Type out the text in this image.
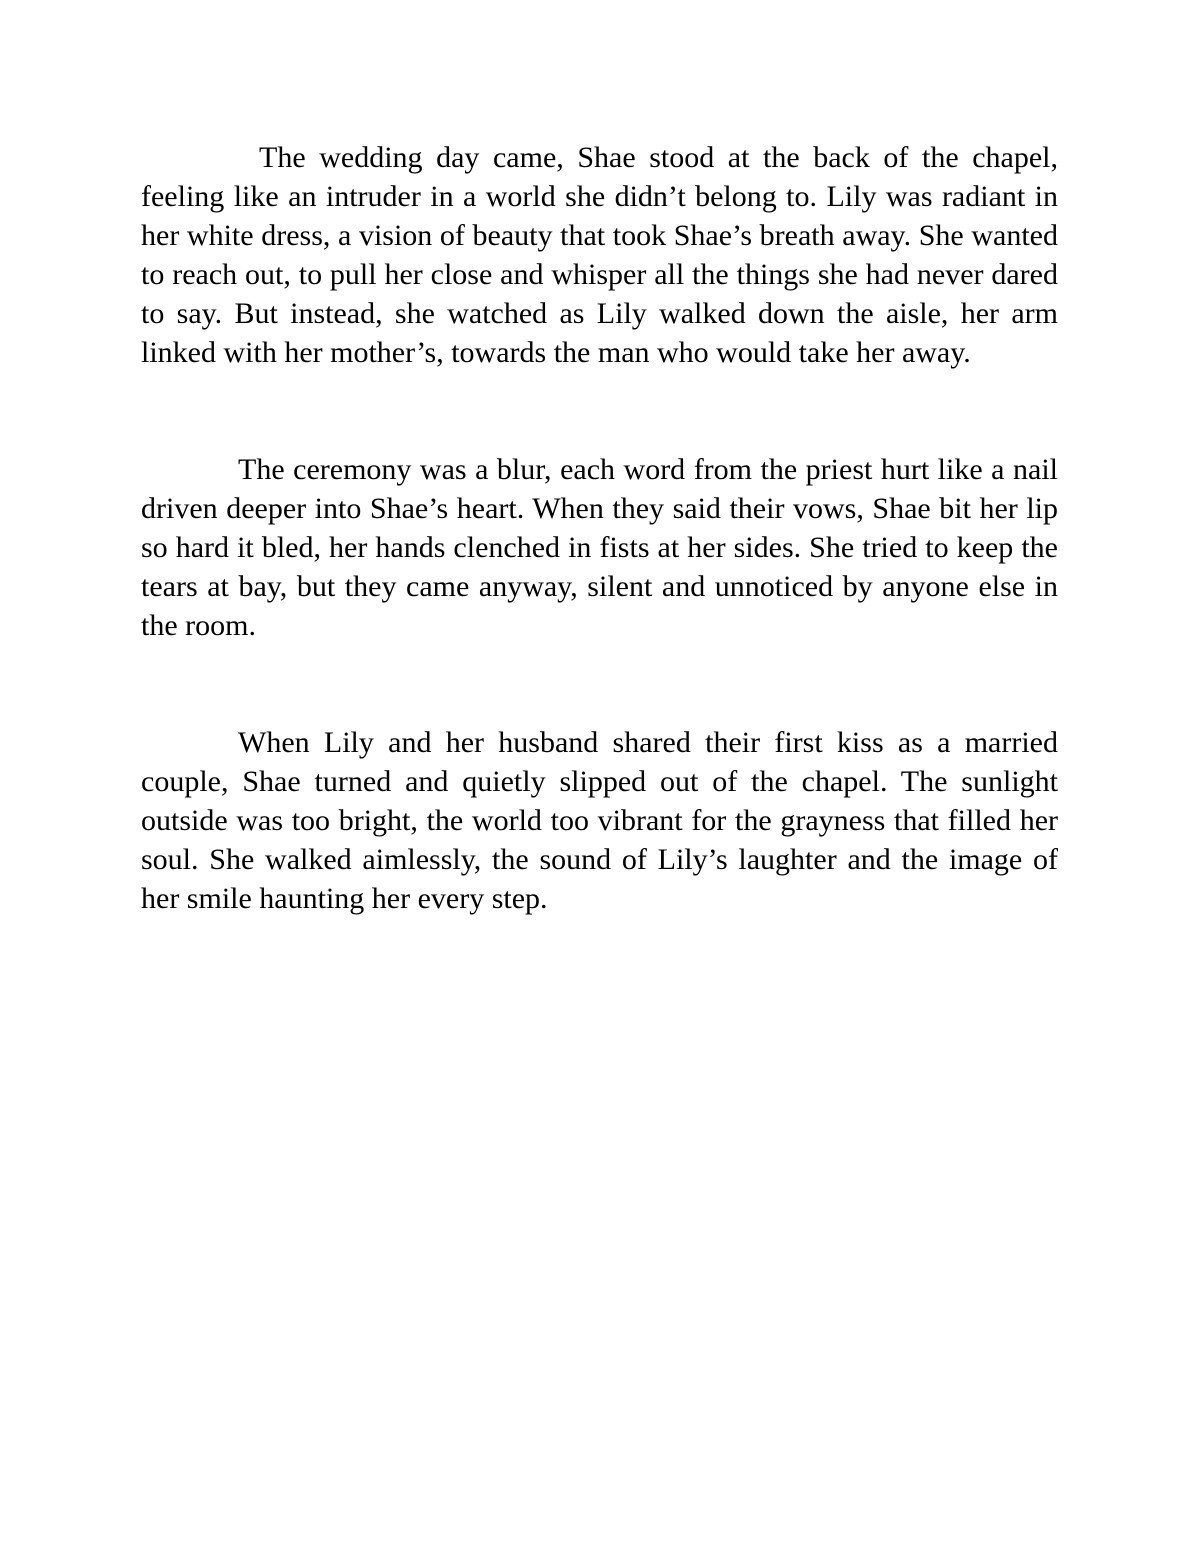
The wedding day came, Shae stood at the back of the chapel, feeling like an intruder in a world she didn’t belong to. Lily was radiant in her white dress, a vision of beauty that took Shae’s breath away. She wanted to reach out, to pull her close and whisper all the things she had never dared to say. But instead, she watched as Lily walked down the aisle, her arm linked with her mother’s, towards the man who would take her away.

The ceremony was a blur, each word from the priest hurt like a nail driven deeper into Shae’s heart. When they said their vows, Shae bit her lip so hard it bled, her hands clenched in fists at her sides. She tried to keep the tears at bay, but they came anyway, silent and unnoticed by anyone else in the room.

When Lily and her husband shared their first kiss as a married couple, Shae turned and quietly slipped out of the chapel. The sunlight outside was too bright, the world too vibrant for the grayness that filled her soul. She walked aimlessly, the sound of Lily’s laughter and the image of her smile haunting her every step.
